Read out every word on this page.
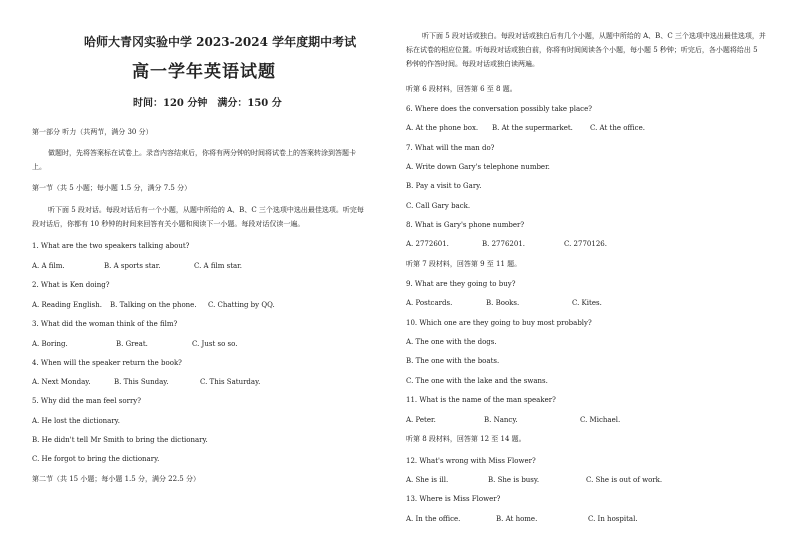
哈师大青冈实验中学 2023-2024 学年度期中考试
高一学年英语试题
时间：120 分钟　满分：150 分
第一部分 听力（共两节，满分 30 分）
做题时，先将答案标在试卷上。录音内容结束后，你将有两分钟的时间将试卷上的答案转涂到答题卡上。
第一节（共 5 小题；每小题 1.5 分，满分 7.5 分）
听下面 5 段对话。每段对话后有一个小题，从题中所给的 A、B、C 三个选项中选出最佳选项。听完每段对话后，你都有 10 秒钟的时间来回答有关小题和阅读下一小题。每段对话仅读一遍。
1. What are the two speakers talking about?
A. A film.	B. A sports star.	C. A film star.
2. What is Ken doing?
A. Reading English. B. Talking on the phone. C. Chatting by QQ.
3. What did the woman think of the film?
A. Boring.	B. Great.	C. Just so so.
4. When will the speaker return the book?
A. Next Monday.	B. This Sunday.	C. This Saturday.
5. Why did the man feel sorry?
A. He lost the dictionary.
B. He didn't tell Mr Smith to bring the dictionary.
C. He forgot to bring the dictionary.
第二节（共 15 小题；每小题 1.5 分，满分 22.5 分）
听下面 5 段对话或独白。每段对话或独白后有几个小题，从题中所给的 A、B、C 三个选项中选出最佳选项，并标在试卷的相应位置。听每段对话或独白前，你将有时间阅读各个小题，每小题 5 秒钟；听完后，各小题将给出 5 秒钟的作答时间。每段对话或独白读两遍。
听第 6 段材料，回答第 6 至 8 题。
6. Where does the conversation possibly take place?
A. At the phone box. B. At the supermarket. C. At the office.
7. What will the man do?
A. Write down Gary's telephone number.
B. Pay a visit to Gary.
C. Call Gary back.
8. What is Gary's phone number?
A. 2772601.	B. 2776201.	C. 2770126.
听第 7 段材料，回答第 9 至 11 题。
9. What are they going to buy?
A. Postcards.	B. Books.	C. Kites.
10. Which one are they going to buy most probably?
A. The one with the dogs.
B. The one with the boats.
C. The one with the lake and the swans.
11. What is the name of the man speaker?
A. Peter.	B. Nancy.	C. Michael.
听第 8 段材料，回答第 12 至 14 题。
12. What's wrong with Miss Flower?
A. She is ill.	B. She is busy.	C. She is out of work.
13. Where is Miss Flower?
A. In the office.	B. At home.	C. In hospital.
